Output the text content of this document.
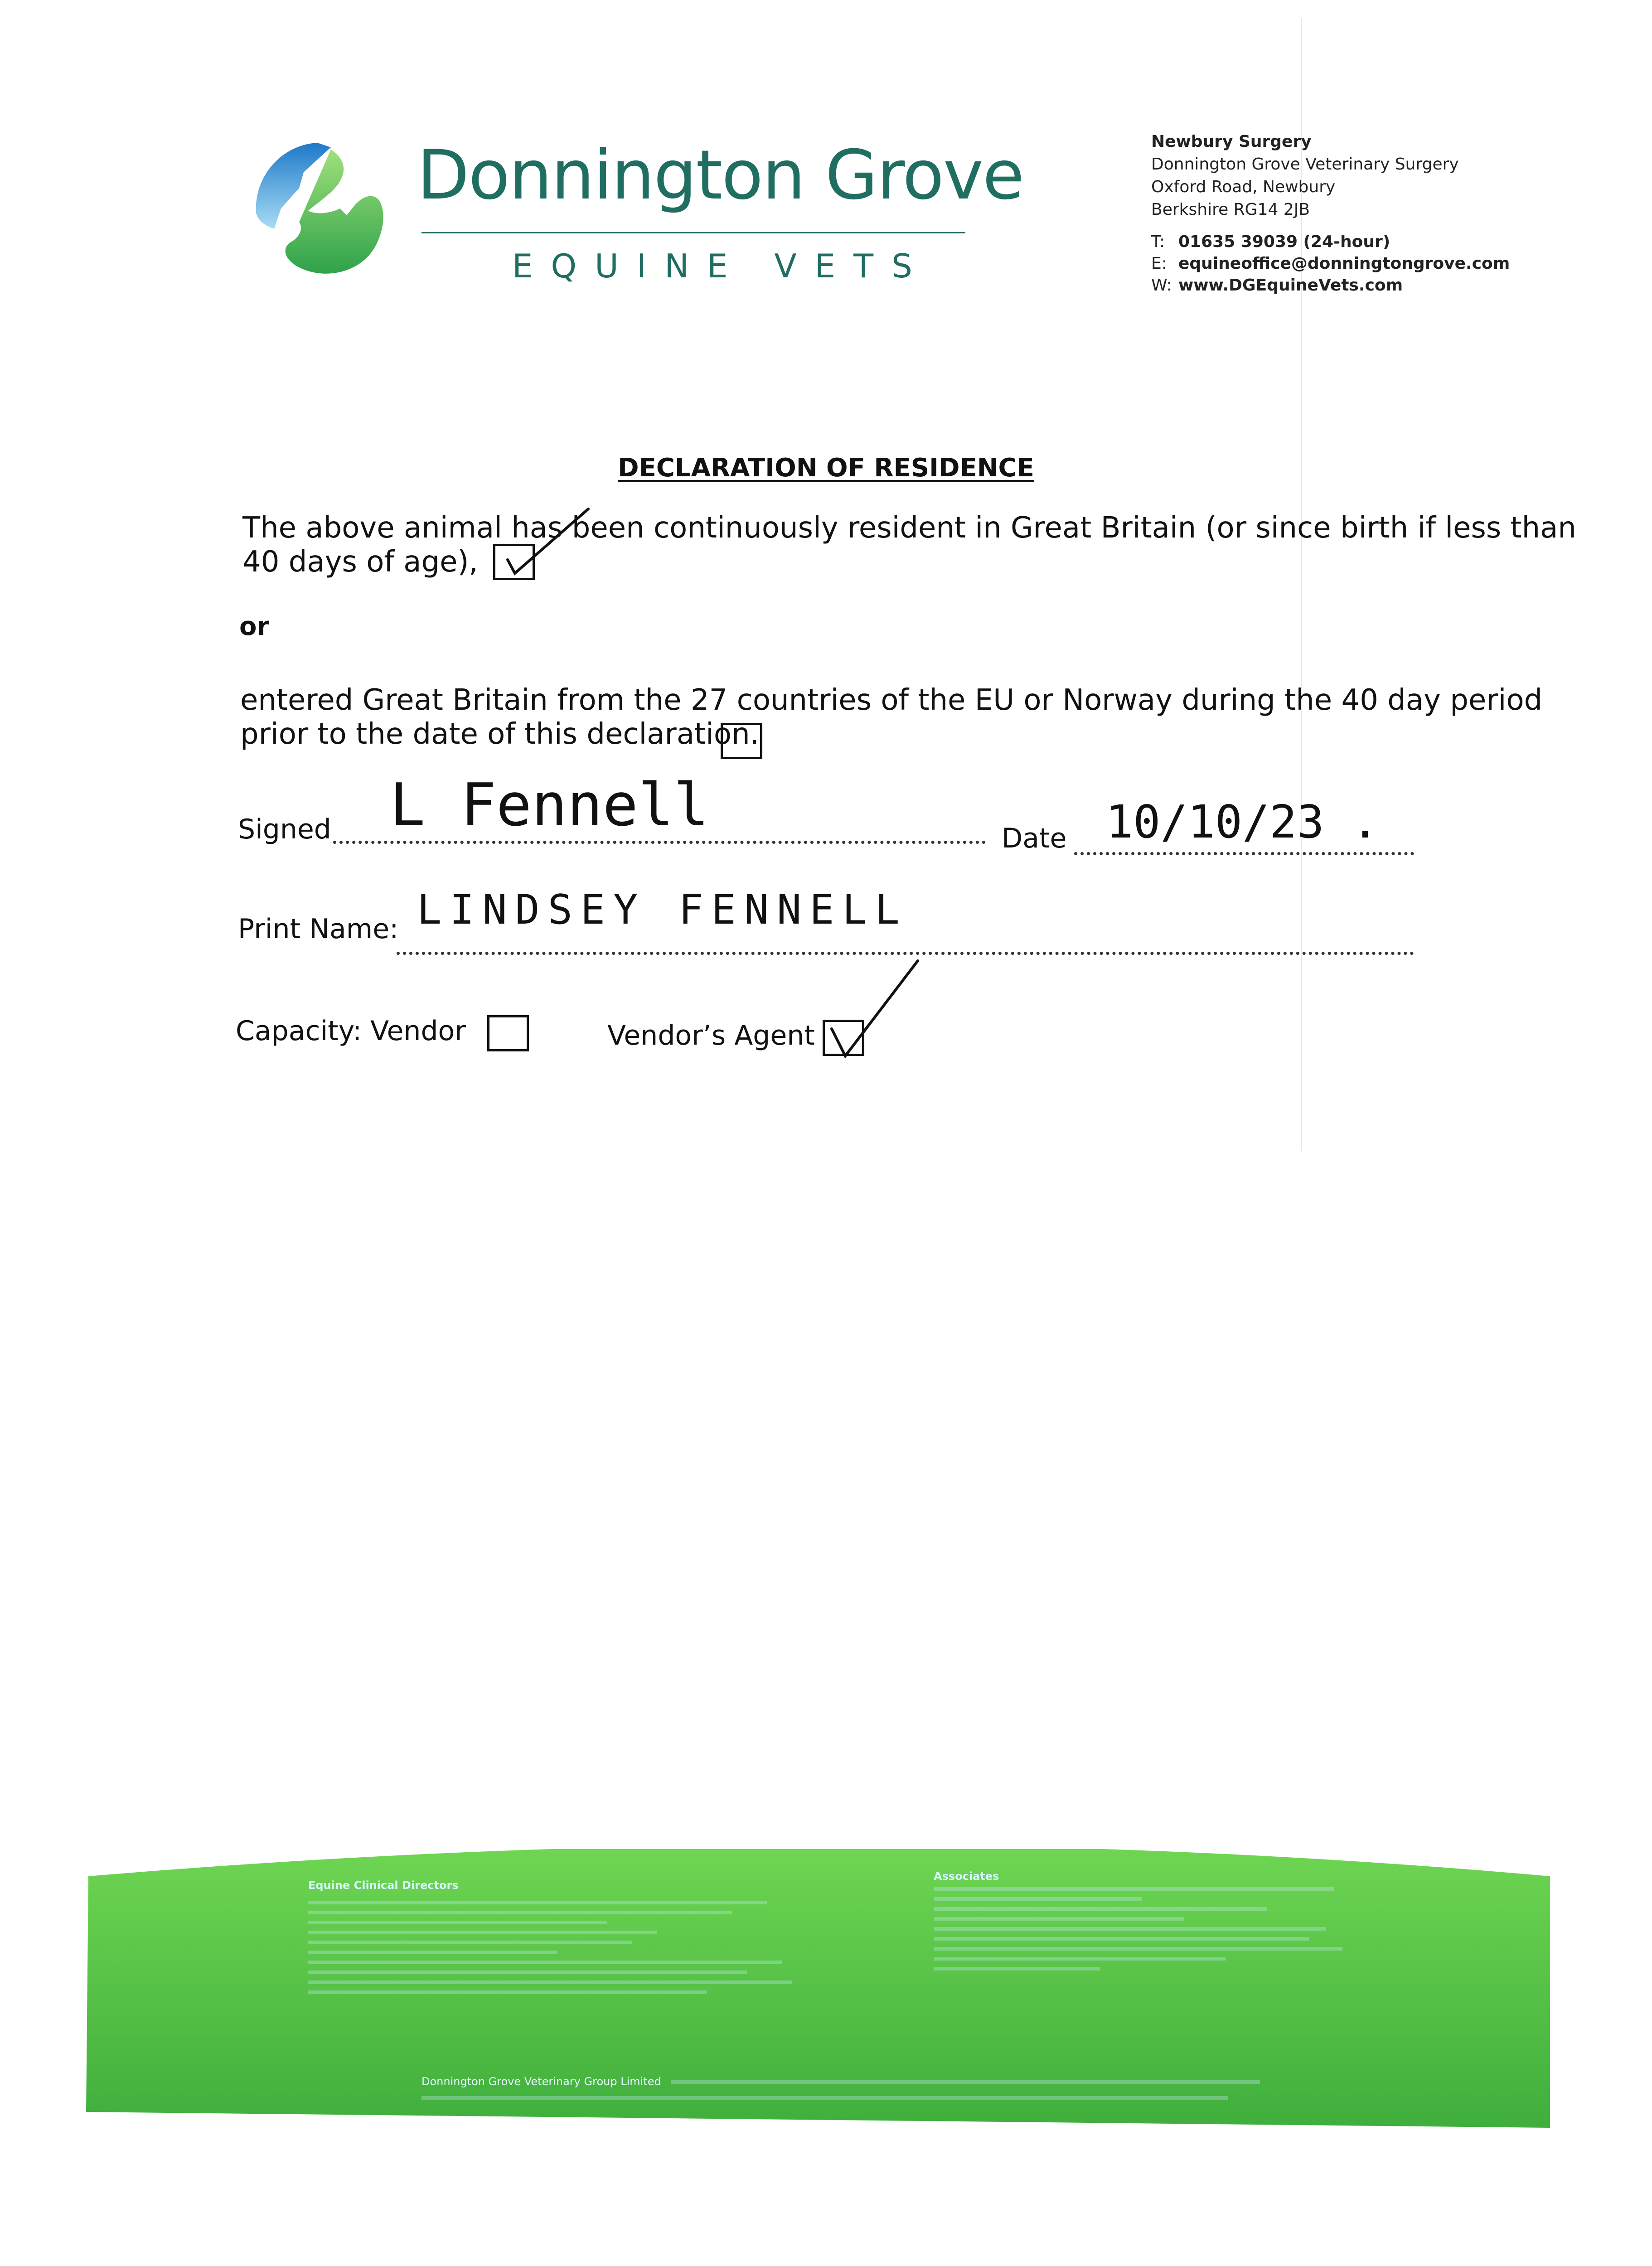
Donnington Grove
EQUINE VETS
Newbury Surgery
Donnington Grove Veterinary Surgery
Oxford Road, Newbury
Berkshire RG14 2JB
T: 01635 39039 (24-hour)
E: equineoffice@donningtongrove.com
W: www.DGEquineVets.com
DECLARATION OF RESIDENCE
The above animal has been continuously resident in Great Britain (or since birth if less than
40 days of age),
or
entered Great Britain from the 27 countries of the EU or Norway during the 40 day period
prior to the date of this declaration.
Signed L Fennell	Date 10/10/23 .
Print Name: LINDSEY FENNELL
Capacity: Vendor	Vendor’s Agent
Equine Clinical Directors
Associates
Donnington Grove Veterinary Group Limited
